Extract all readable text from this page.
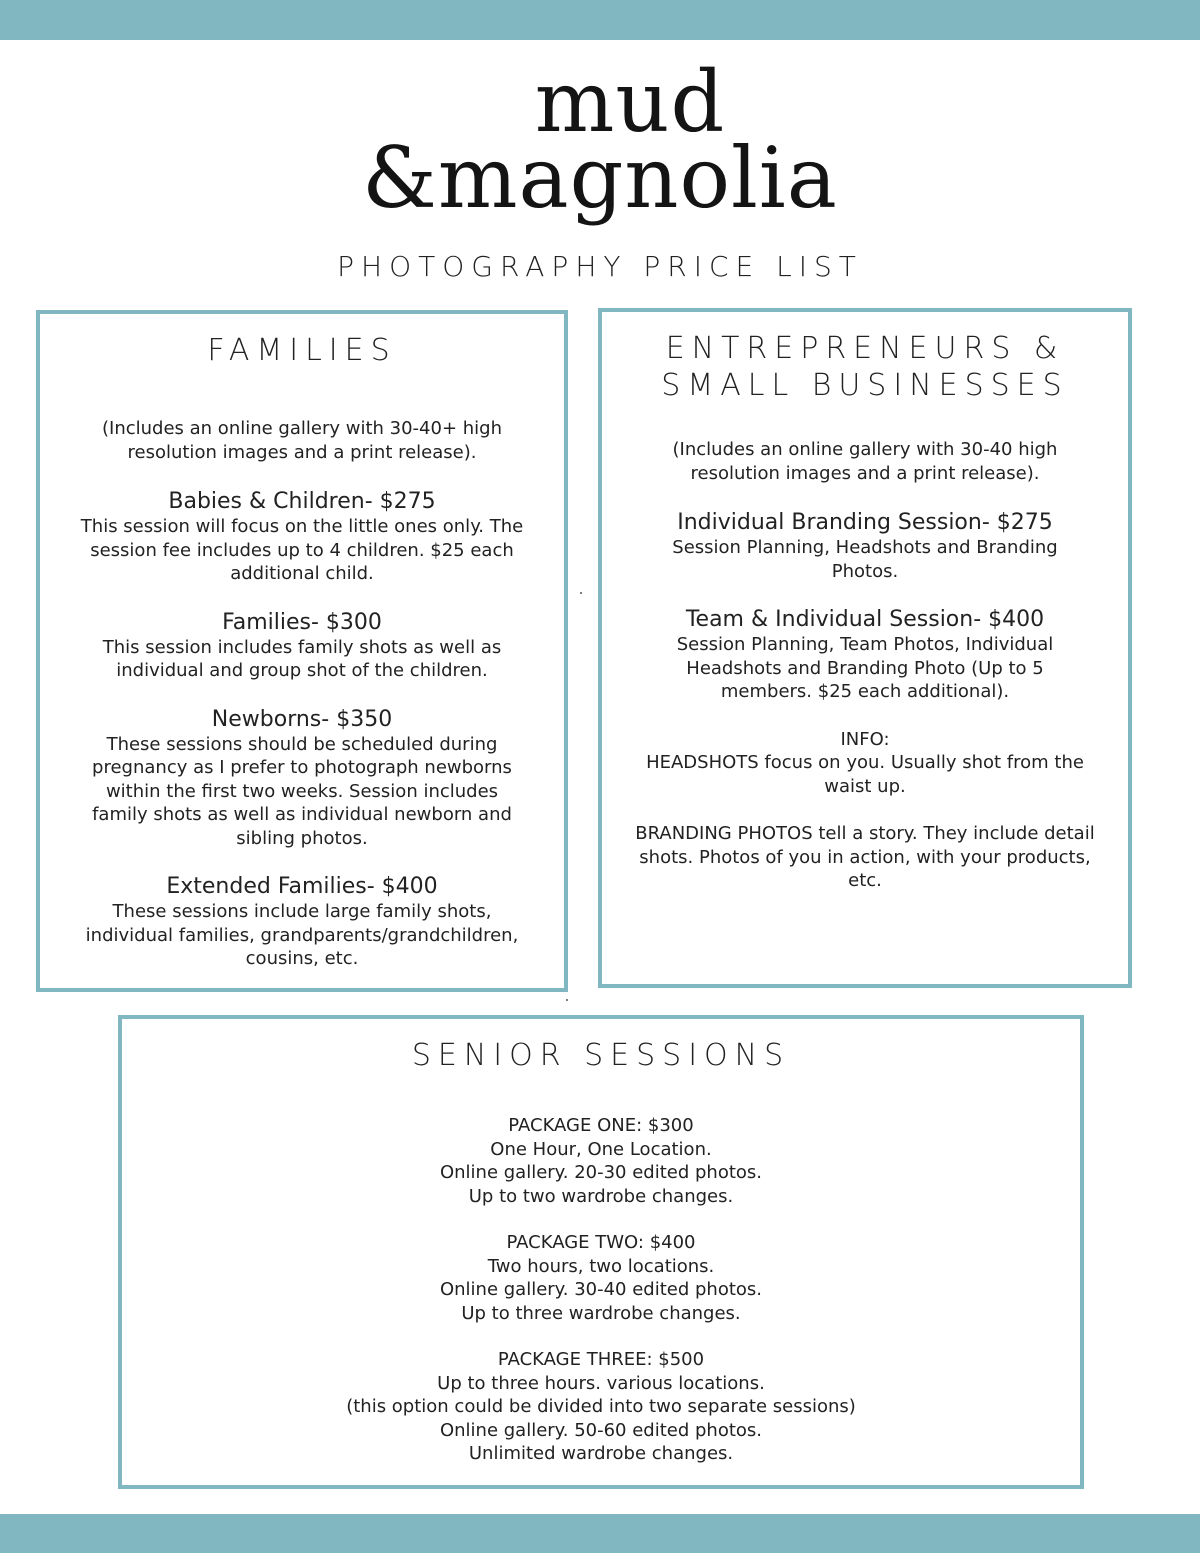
mud
&magnolia
PHOTOGRAPHY PRICE LIST
FAMILIES
(Includes an online gallery with 30-40+ high resolution images and a print release).
Babies & Children- $275
This session will focus on the little ones only. The session fee includes up to 4 children. $25 each additional child.
Families- $300
This session includes family shots as well as individual and group shot of the children.
Newborns- $350
These sessions should be scheduled during pregnancy as I prefer to photograph newborns within the first two weeks. Session includes family shots as well as individual newborn and sibling photos.
Extended Families- $400
These sessions include large family shots, individual families, grandparents/grandchildren, cousins, etc.
ENTREPRENEURS &
SMALL BUSINESSES
(Includes an online gallery with 30-40 high resolution images and a print release).
Individual Branding Session- $275
Session Planning, Headshots and Branding Photos.
Team & Individual Session- $400
Session Planning, Team Photos, Individual Headshots and Branding Photo (Up to 5 members. $25 each additional).
INFO:

HEADSHOTS focus on you. Usually shot from the waist up.

BRANDING PHOTOS tell a story. They include detail shots. Photos of you in action, with your products, etc.

SENIOR SESSIONS
PACKAGE ONE: $300
One Hour, One Location.
Online gallery. 20-30 edited photos.
Up to two wardrobe changes.
PACKAGE TWO: $400
Two hours, two locations.
Online gallery. 30-40 edited photos.
Up to three wardrobe changes.
PACKAGE THREE: $500
Up to three hours. various locations.
(this option could be divided into two separate sessions)
Online gallery. 50-60 edited photos.
Unlimited wardrobe changes.
